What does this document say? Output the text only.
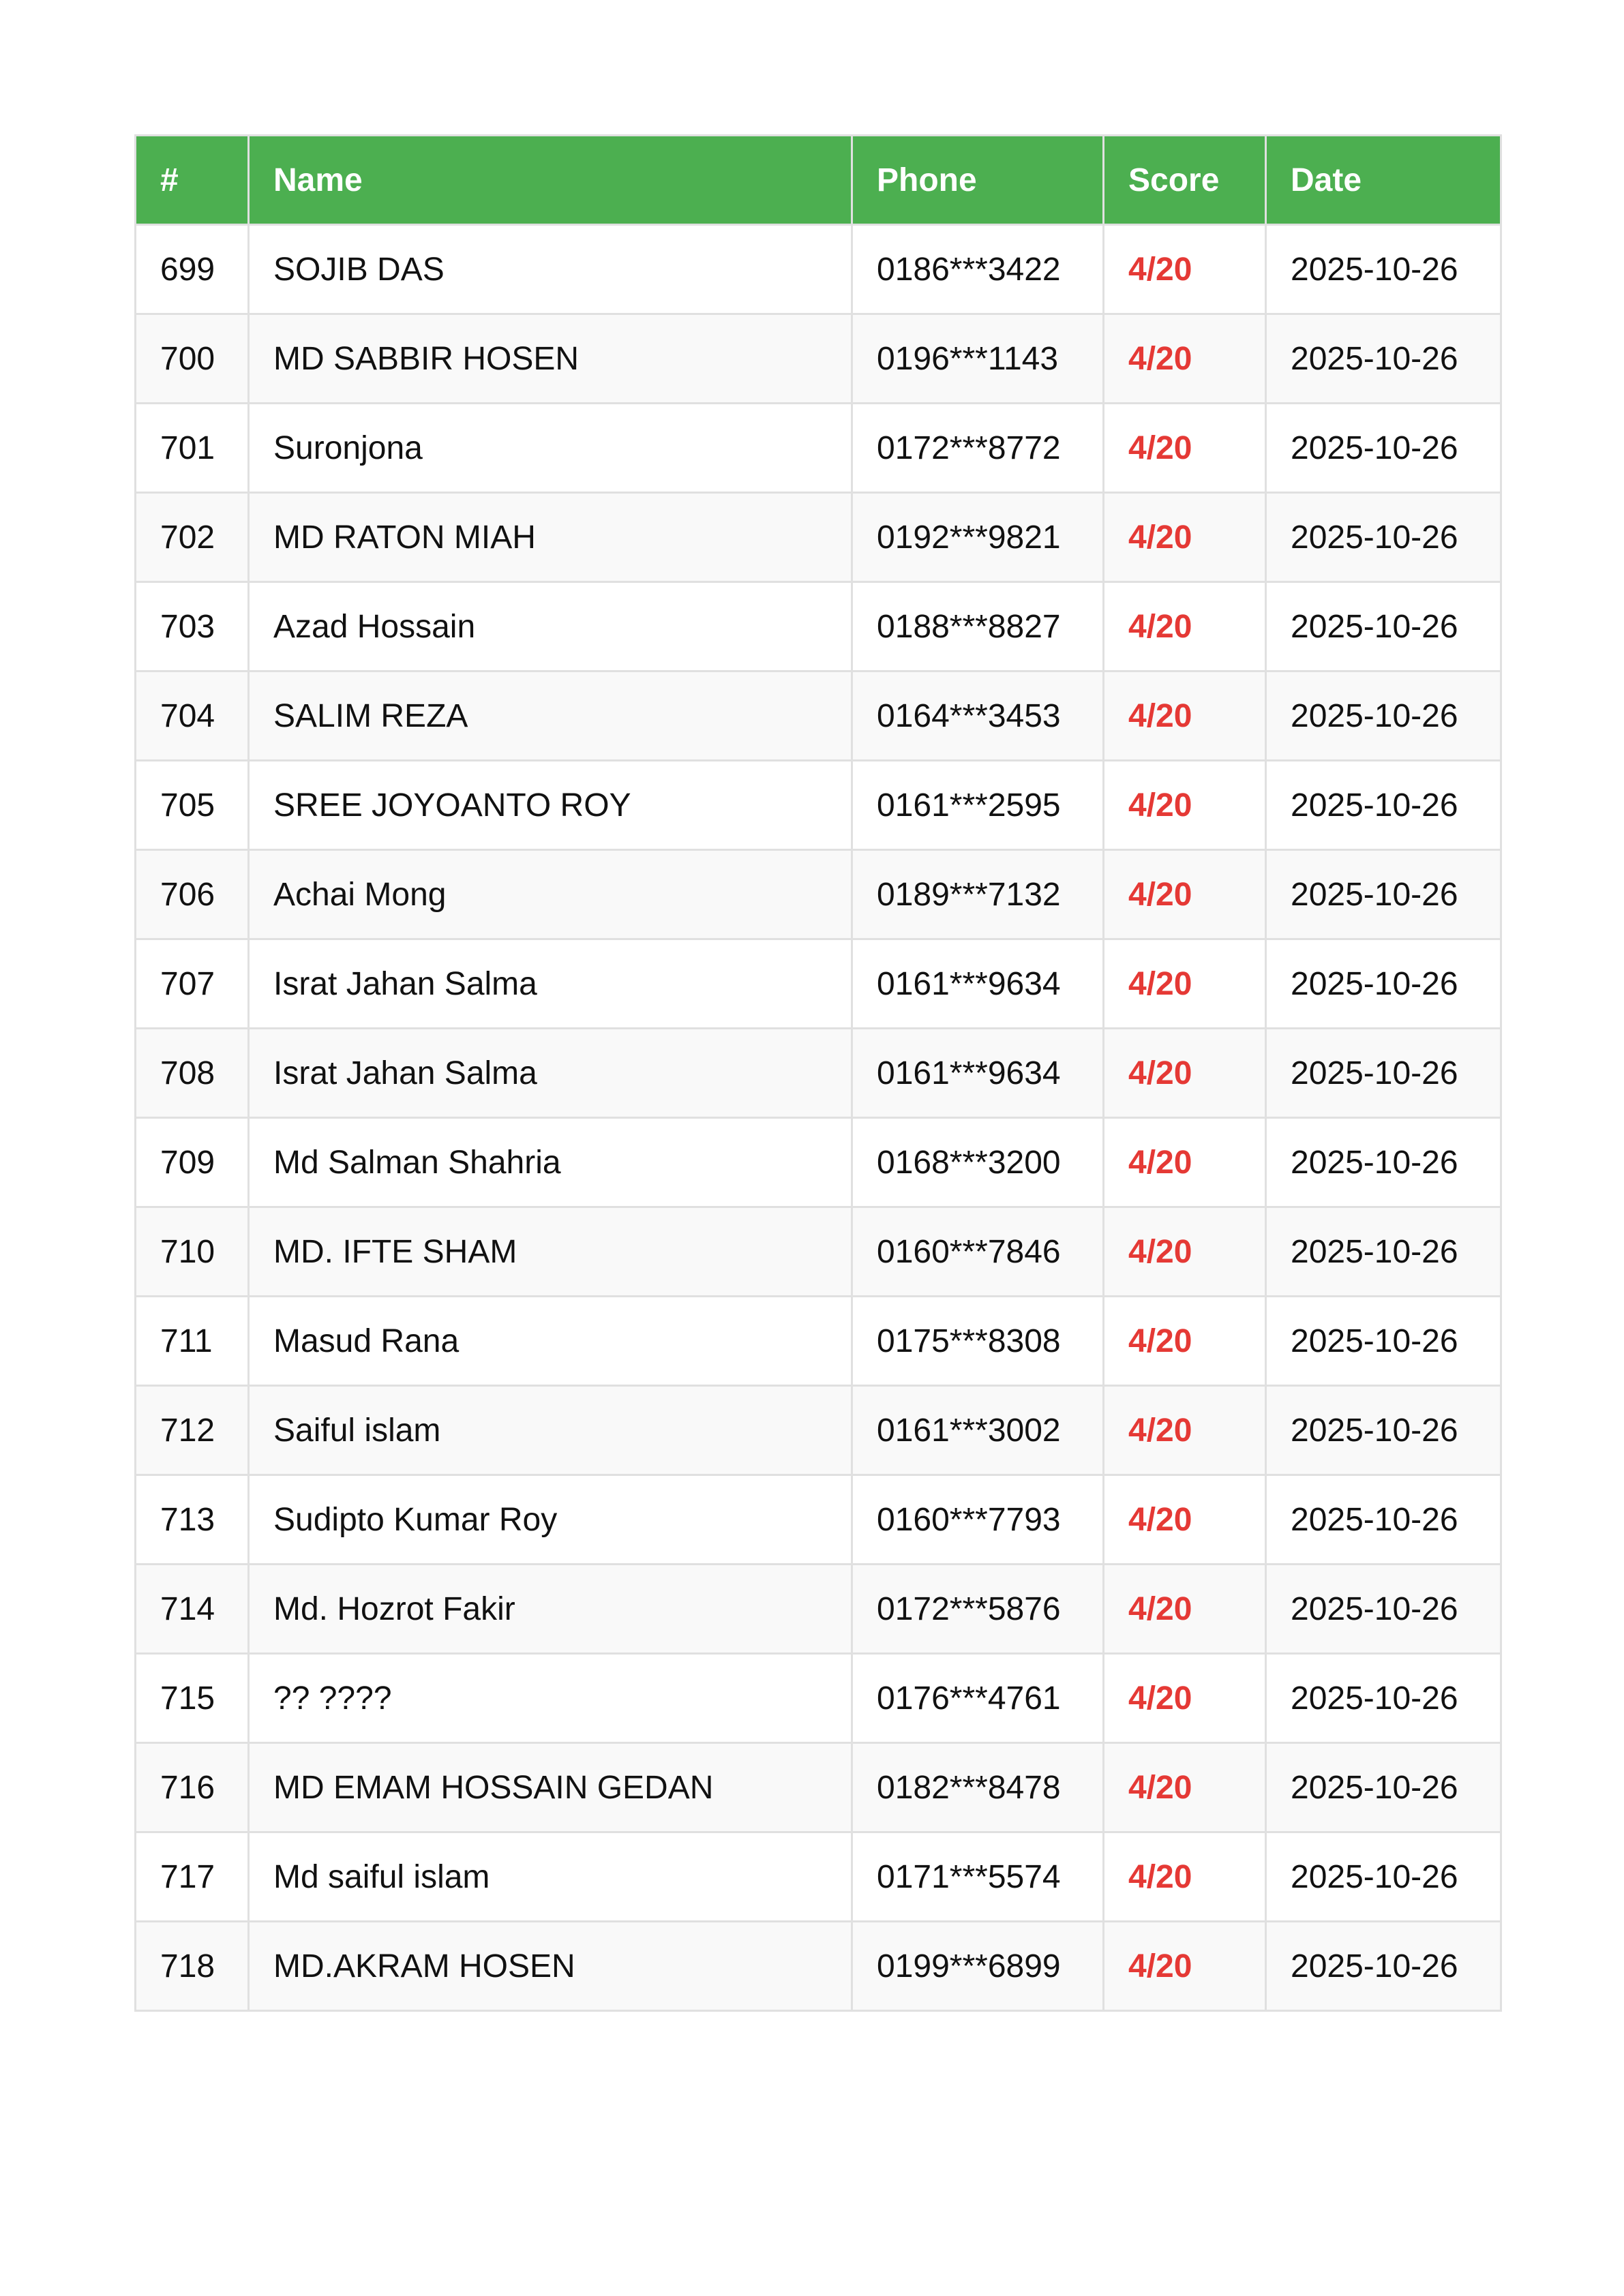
#	Name	Phone	Score	Date
699	SOJIB DAS	0186***3422	4/20	2025-10-26
700	MD SABBIR HOSEN	0196***1143	4/20	2025-10-26
701	Suronjona	0172***8772	4/20	2025-10-26
702	MD RATON MIAH	0192***9821	4/20	2025-10-26
703	Azad Hossain	0188***8827	4/20	2025-10-26
704	SALIM REZA	0164***3453	4/20	2025-10-26
705	SREE JOYOANTO ROY	0161***2595	4/20	2025-10-26
706	Achai Mong	0189***7132	4/20	2025-10-26
707	Israt Jahan Salma	0161***9634	4/20	2025-10-26
708	Israt Jahan Salma	0161***9634	4/20	2025-10-26
709	Md Salman Shahria	0168***3200	4/20	2025-10-26
710	MD. IFTE SHAM	0160***7846	4/20	2025-10-26
711	Masud Rana	0175***8308	4/20	2025-10-26
712	Saiful islam	0161***3002	4/20	2025-10-26
713	Sudipto Kumar Roy	0160***7793	4/20	2025-10-26
714	Md. Hozrot Fakir	0172***5876	4/20	2025-10-26
715	?? ????	0176***4761	4/20	2025-10-26
716	MD EMAM HOSSAIN GEDAN	0182***8478	4/20	2025-10-26
717	Md saiful islam	0171***5574	4/20	2025-10-26
718	MD.AKRAM HOSEN	0199***6899	4/20	2025-10-26
